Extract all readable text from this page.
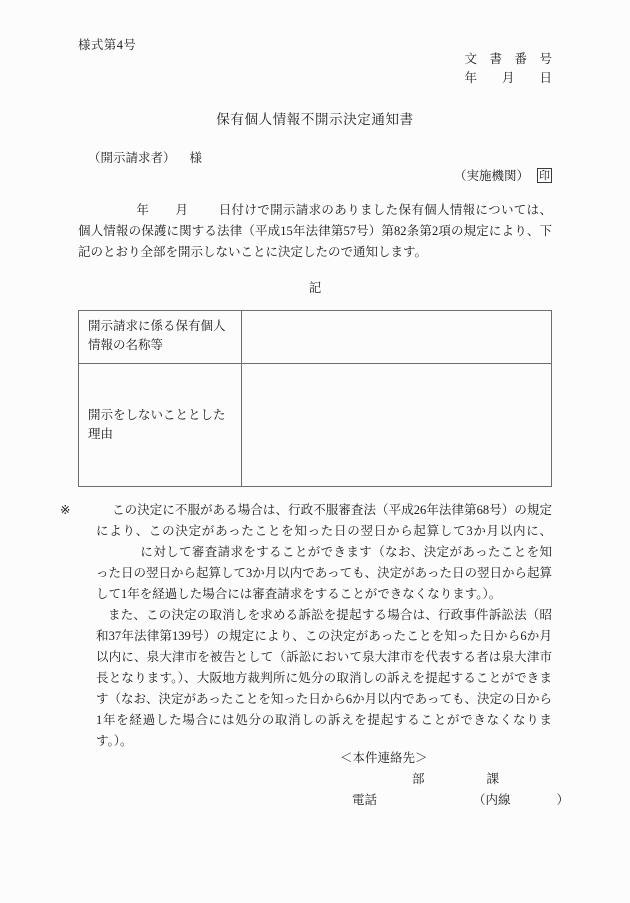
様式第4号
文　書　番　号
年　　月　　日
保有個人情報不開示決定通知書
（開示請求者） 様
（実施機関） 印
年 月 日付けで開示請求のありました保有個人情報については、個人情報の保護に関する法律（平成15年法律第57号）第82条第2項の規定により、下記のとおり全部を開示しないことに決定したので通知します。
記
開示請求に係る保有個人情報の名称等	
開示をしないこととした理由	

※	この決定に不服がある場合は、行政不服審査法（平成26年法律第68号）の規定により、この決定があったことを知った日の翌日から起算して3か月以内に、に対して審査請求をすることができます（なお、決定があったことを知った日の翌日から起算して3か月以内であっても、決定があった日の翌日から起算して1年を経過した場合には審査請求をすることができなくなります。）。

また、この決定の取消しを求める訴訟を提起する場合は、行政事件訴訟法（昭和37年法律第139号）の規定により、この決定があったことを知った日から6か月以内に、泉大津市を被告として（訴訟において泉大津市を代表する者は泉大津市長となります。）、大阪地方裁判所に処分の取消しの訴えを提起することができます（なお、決定があったことを知った日から6か月以内であっても、決定の日から1年を経過した場合には処分の取消しの訴えを提起することができなくなります。）。

＜本件連絡先＞
部	課
電話	（内線	）
